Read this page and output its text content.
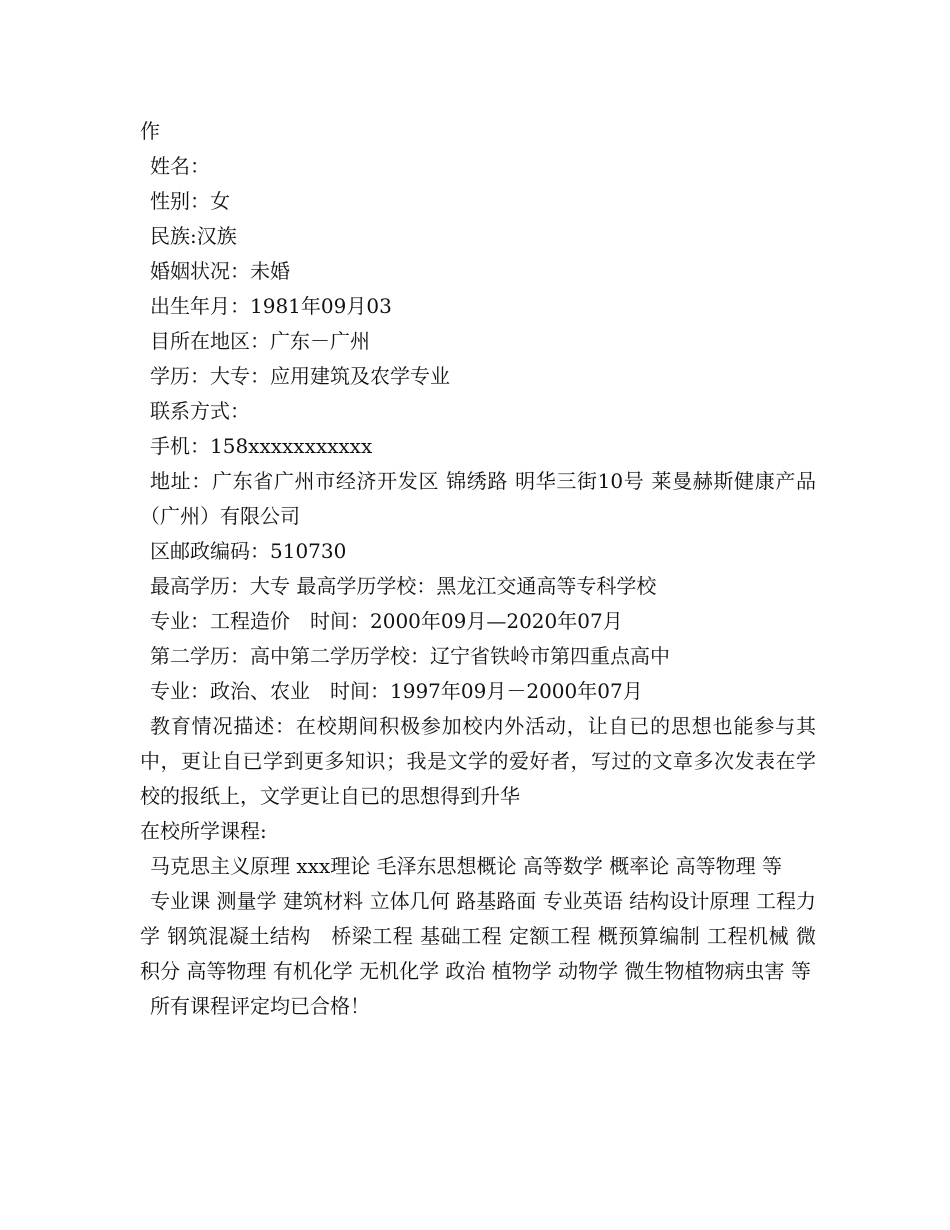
作
姓名：
性别：女
民族:汉族
婚姻状况：未婚
出生年月：1981年09月03
目所在地区：广东－广州
学历：大专：应用建筑及农学专业
联系方式：
手机：158xxxxxxxxxxx
地址：广东省广州市经济开发区 锦绣路 明华三街10号 莱曼赫斯健康产品（广州）有限公司
区邮政编码：510730
最高学历：大专 最高学历学校：黑龙江交通高等专科学校
专业：工程造价　时间：2000年09月—2020年07月
第二学历：高中第二学历学校：辽宁省铁岭市第四重点高中
专业：政治、农业　时间：1997年09月－2000年07月
教育情况描述：在校期间积极参加校内外活动，让自已的思想也能参与其中，更让自已学到更多知识；我是文学的爱好者，写过的文章多次发表在学校的报纸上，文学更让自已的思想得到升华
在校所学课程:
马克思主义原理 xxx理论 毛泽东思想概论 高等数学 概率论 高等物理 等
专业课 测量学 建筑材料 立体几何 路基路面 专业英语 结构设计原理 工程力学 钢筑混凝土结构　桥梁工程 基础工程 定额工程 概预算编制 工程机械 微积分 高等物理 有机化学 无机化学 政治 植物学 动物学 微生物植物病虫害 等
所有课程评定均已合格！
